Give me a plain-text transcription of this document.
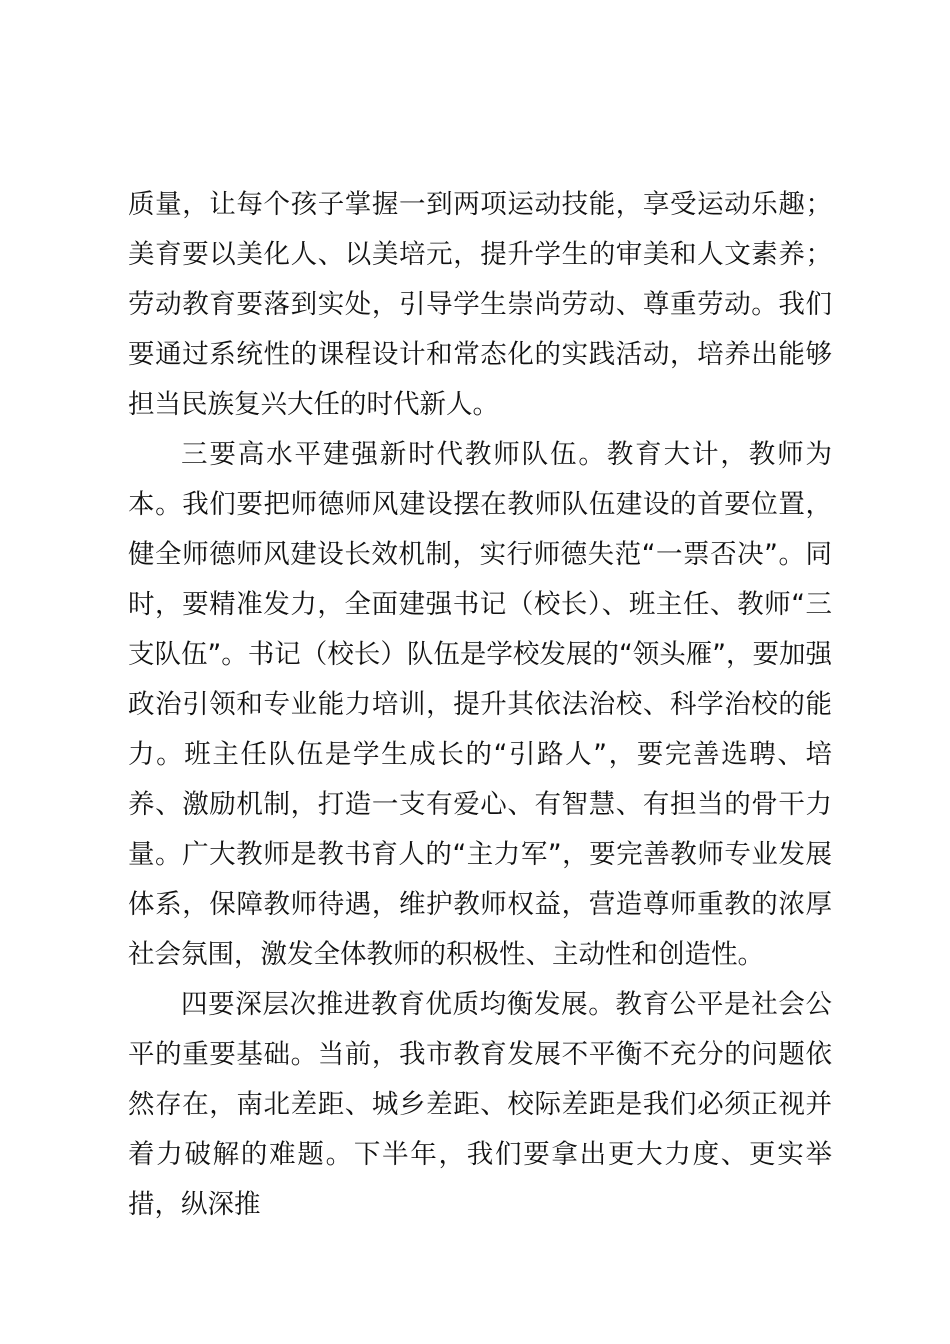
质量，让每个孩子掌握一到两项运动技能，享受运动乐趣；美育要以美化人、以美培元，提升学生的审美和人文素养；劳动教育要落到实处，引导学生崇尚劳动、尊重劳动。我们要通过系统性的课程设计和常态化的实践活动，培养出能够担当民族复兴大任的时代新人。

三要高水平建强新时代教师队伍。教育大计，教师为本。我们要把师德师风建设摆在教师队伍建设的首要位置，健全师德师风建设长效机制，实行师德失范“一票否决”。同时，要精准发力，全面建强书记（校长）、班主任、教师“三支队伍”。书记（校长）队伍是学校发展的“领头雁”，要加强政治引领和专业能力培训，提升其依法治校、科学治校的能力。班主任队伍是学生成长的“引路人”，要完善选聘、培养、激励机制，打造一支有爱心、有智慧、有担当的骨干力量。广大教师是教书育人的“主力军”，要完善教师专业发展体系，保障教师待遇，维护教师权益，营造尊师重教的浓厚社会氛围，激发全体教师的积极性、主动性和创造性。

四要深层次推进教育优质均衡发展。教育公平是社会公平的重要基础。当前，我市教育发展不平衡不充分的问题依然存在，南北差距、城乡差距、校际差距是我们必须正视并着力破解的难题。下半年，我们要拿出更大力度、更实举措，纵深推
